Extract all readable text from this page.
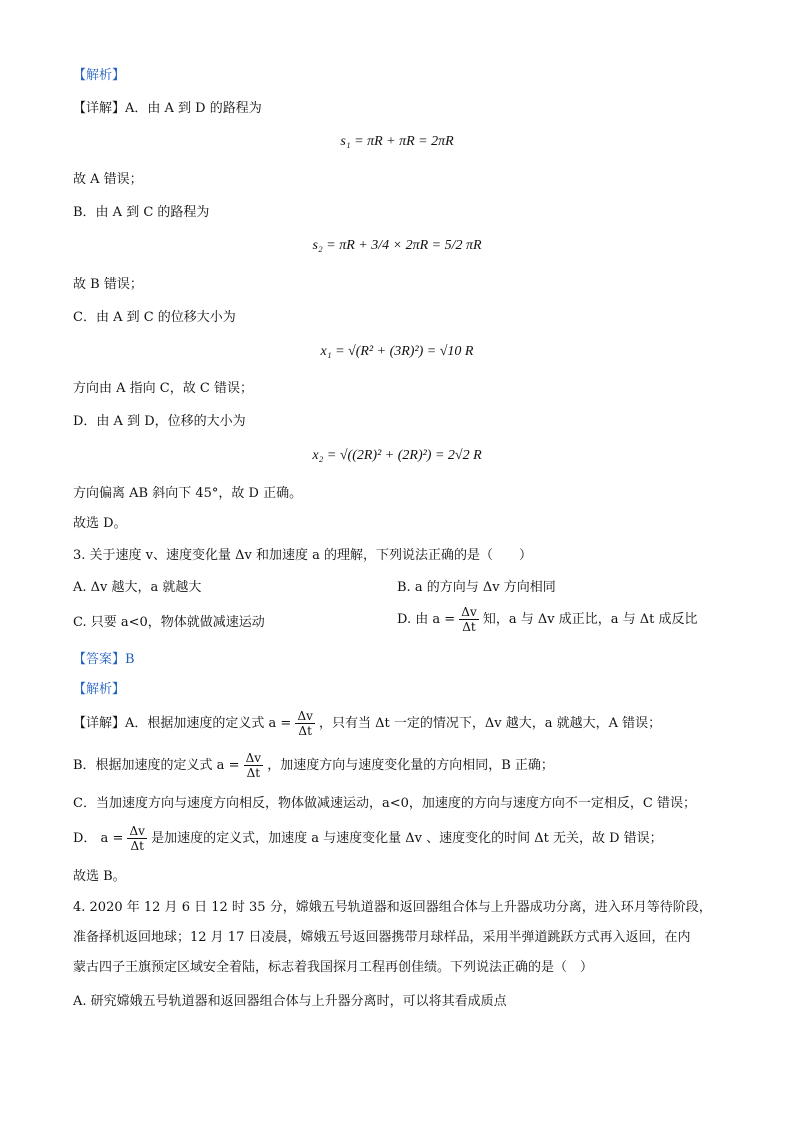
【解析】
【详解】A．由 A 到 D 的路程为
s₁ = πR + πR = 2πR
故 A 错误；
B．由 A 到 C 的路程为
s₂ = πR + 3/4 × 2πR = 5/2 πR
故 B 错误；
C．由 A 到 C 的位移大小为
x₁ = √(R² + (3R)²) = √10 R
方向由 A 指向 C，故 C 错误；
D．由 A 到 D，位移的大小为
x₂ = √((2R)² + (2R)²) = 2√2 R
方向偏离 AB 斜向下 45°，故 D 正确。
故选 D。
3. 关于速度 v、速度变化量 Δv 和加速度 a 的理解，下列说法正确的是（　　）
A. Δv 越大，a 就越大	B. a 的方向与 Δv 方向相同
C. 只要 a<0，物体就做减速运动	D. 由 $a = \frac{\Delta v}{\Delta t}$ 知，a 与 Δv 成正比，a 与 Δt 成反比
【答案】B
【解析】
【详解】A．根据加速度的定义式 $a = \frac{\Delta v}{\Delta t}$ ，只有当 Δt 一定的情况下，Δv 越大，a 就越大，A 错误；
B．根据加速度的定义式 $a = \frac{\Delta v}{\Delta t}$ ，加速度方向与速度变化量的方向相同，B 正确；
C．当加速度方向与速度方向相反，物体做减速运动，a<0，加速度的方向与速度方向不一定相反，C 错误；
D． $a = \frac{\Delta v}{\Delta t}$ 是加速度的定义式，加速度 a 与速度变化量 Δv 、速度变化的时间 Δt 无关，故 D 错误；
故选 B。
4. 2020 年 12 月 6 日 12 时 35 分，嫦娥五号轨道器和返回器组合体与上升器成功分离，进入环月等待阶段，
准备择机返回地球；12 月 17 日凌晨，嫦娥五号返回器携带月球样品，采用半弹道跳跃方式再入返回，在内
蒙古四子王旗预定区域安全着陆，标志着我国探月工程再创佳绩。下列说法正确的是（　）
A. 研究嫦娥五号轨道器和返回器组合体与上升器分离时，可以将其看成质点
